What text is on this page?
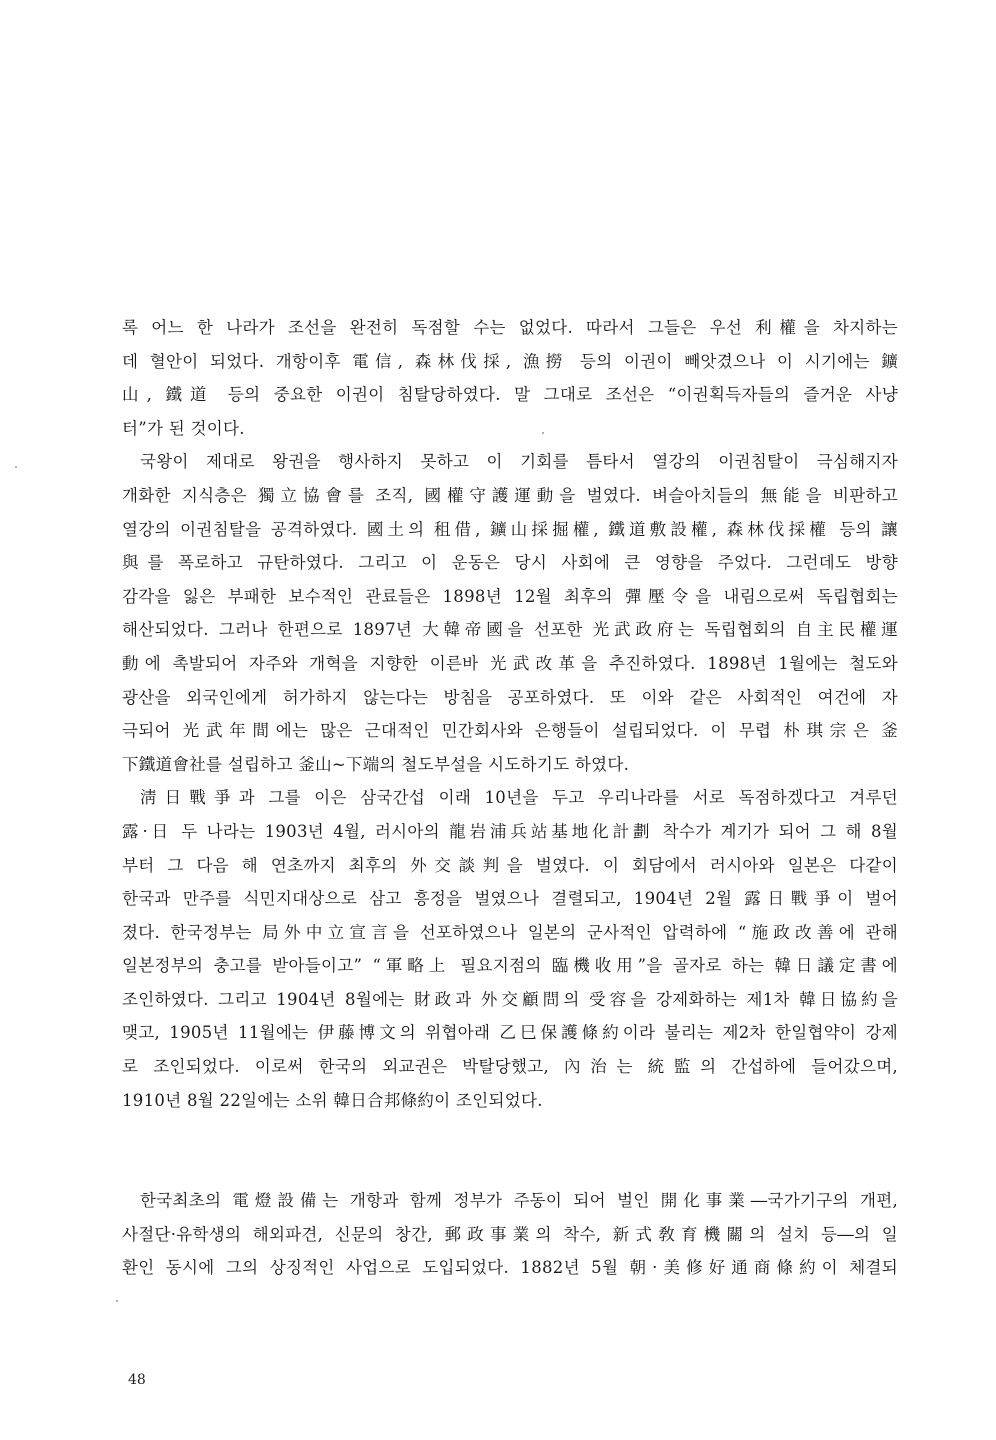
록 어느 한 나라가 조선을 완전히 독점할 수는 없었다. 따라서 그들은 우선 利權을 차지하는
데 혈안이 되었다. 개항이후 電信, 森林伐採, 漁撈 등의 이권이 빼앗겼으나 이 시기에는 鑛
山, 鐵道 등의 중요한 이권이 침탈당하였다. 말 그대로 조선은 “이권획득자들의 즐거운 사냥
터”가 된 것이다.
국왕이 제대로 왕권을 행사하지 못하고 이 기회를 틈타서 열강의 이권침탈이 극심해지자
개화한 지식층은 獨立協會를 조직, 國權守護運動을 벌였다. 벼슬아치들의 無能을 비판하고
열강의 이권침탈을 공격하였다. 國土의 租借, 鑛山採掘權, 鐵道敷設權, 森林伐採權 등의 讓
與를 폭로하고 규탄하였다. 그리고 이 운동은 당시 사회에 큰 영향을 주었다. 그런데도 방향
감각을 잃은 부패한 보수적인 관료들은 1898년 12월 최후의 彈壓令을 내림으로써 독립협회는
해산되었다. 그러나 한편으로 1897년 大韓帝國을 선포한 光武政府는 독립협회의 自主民權運
動에 촉발되어 자주와 개혁을 지향한 이른바 光武改革을 추진하였다. 1898년 1월에는 철도와
광산을 외국인에게 허가하지 않는다는 방침을 공포하였다. 또 이와 같은 사회적인 여건에 자
극되어 光武年間에는 많은 근대적인 민간회사와 은행들이 설립되었다. 이 무렵 朴琪宗은 釜
下鐵道會社를 설립하고 釜山~下端의 철도부설을 시도하기도 하였다.
淸日戰爭과 그를 이은 삼국간섭 이래 10년을 두고 우리나라를 서로 독점하겠다고 겨루던
露·日 두 나라는 1903년 4월, 러시아의 龍岩浦兵站基地化計劃 착수가 계기가 되어 그 해 8월
부터 그 다음 해 연초까지 최후의 外交談判을 벌였다. 이 회담에서 러시아와 일본은 다같이
한국과 만주를 식민지대상으로 삼고 흥정을 벌였으나 결렬되고, 1904년 2월 露日戰爭이 벌어
졌다. 한국정부는 局外中立宣言을 선포하였으나 일본의 군사적인 압력하에 “施政改善에 관해
일본정부의 충고를 받아들이고” “軍略上 필요지점의 臨機收用”을 골자로 하는 韓日議定書에
조인하였다. 그리고 1904년 8월에는 財政과 外交顧問의 受容을 강제화하는 제1차 韓日協約을
맺고, 1905년 11월에는 伊藤博文의 위협아래 乙巳保護條約이라 불리는 제2차 한일협약이 강제
로 조인되었다. 이로써 한국의 외교권은 박탈당했고, 內治는 統監의 간섭하에 들어갔으며,
1910년 8월 22일에는 소위 韓日合邦條約이 조인되었다.
한국최초의 電燈設備는 개항과 함께 정부가 주동이 되어 벌인 開化事業―국가기구의 개편,
사절단·유학생의 해외파견, 신문의 창간, 郵政事業의 착수, 新式敎育機關의 설치 등―의 일
환인 동시에 그의 상징적인 사업으로 도입되었다. 1882년 5월 朝·美修好通商條約이 체결되
48
